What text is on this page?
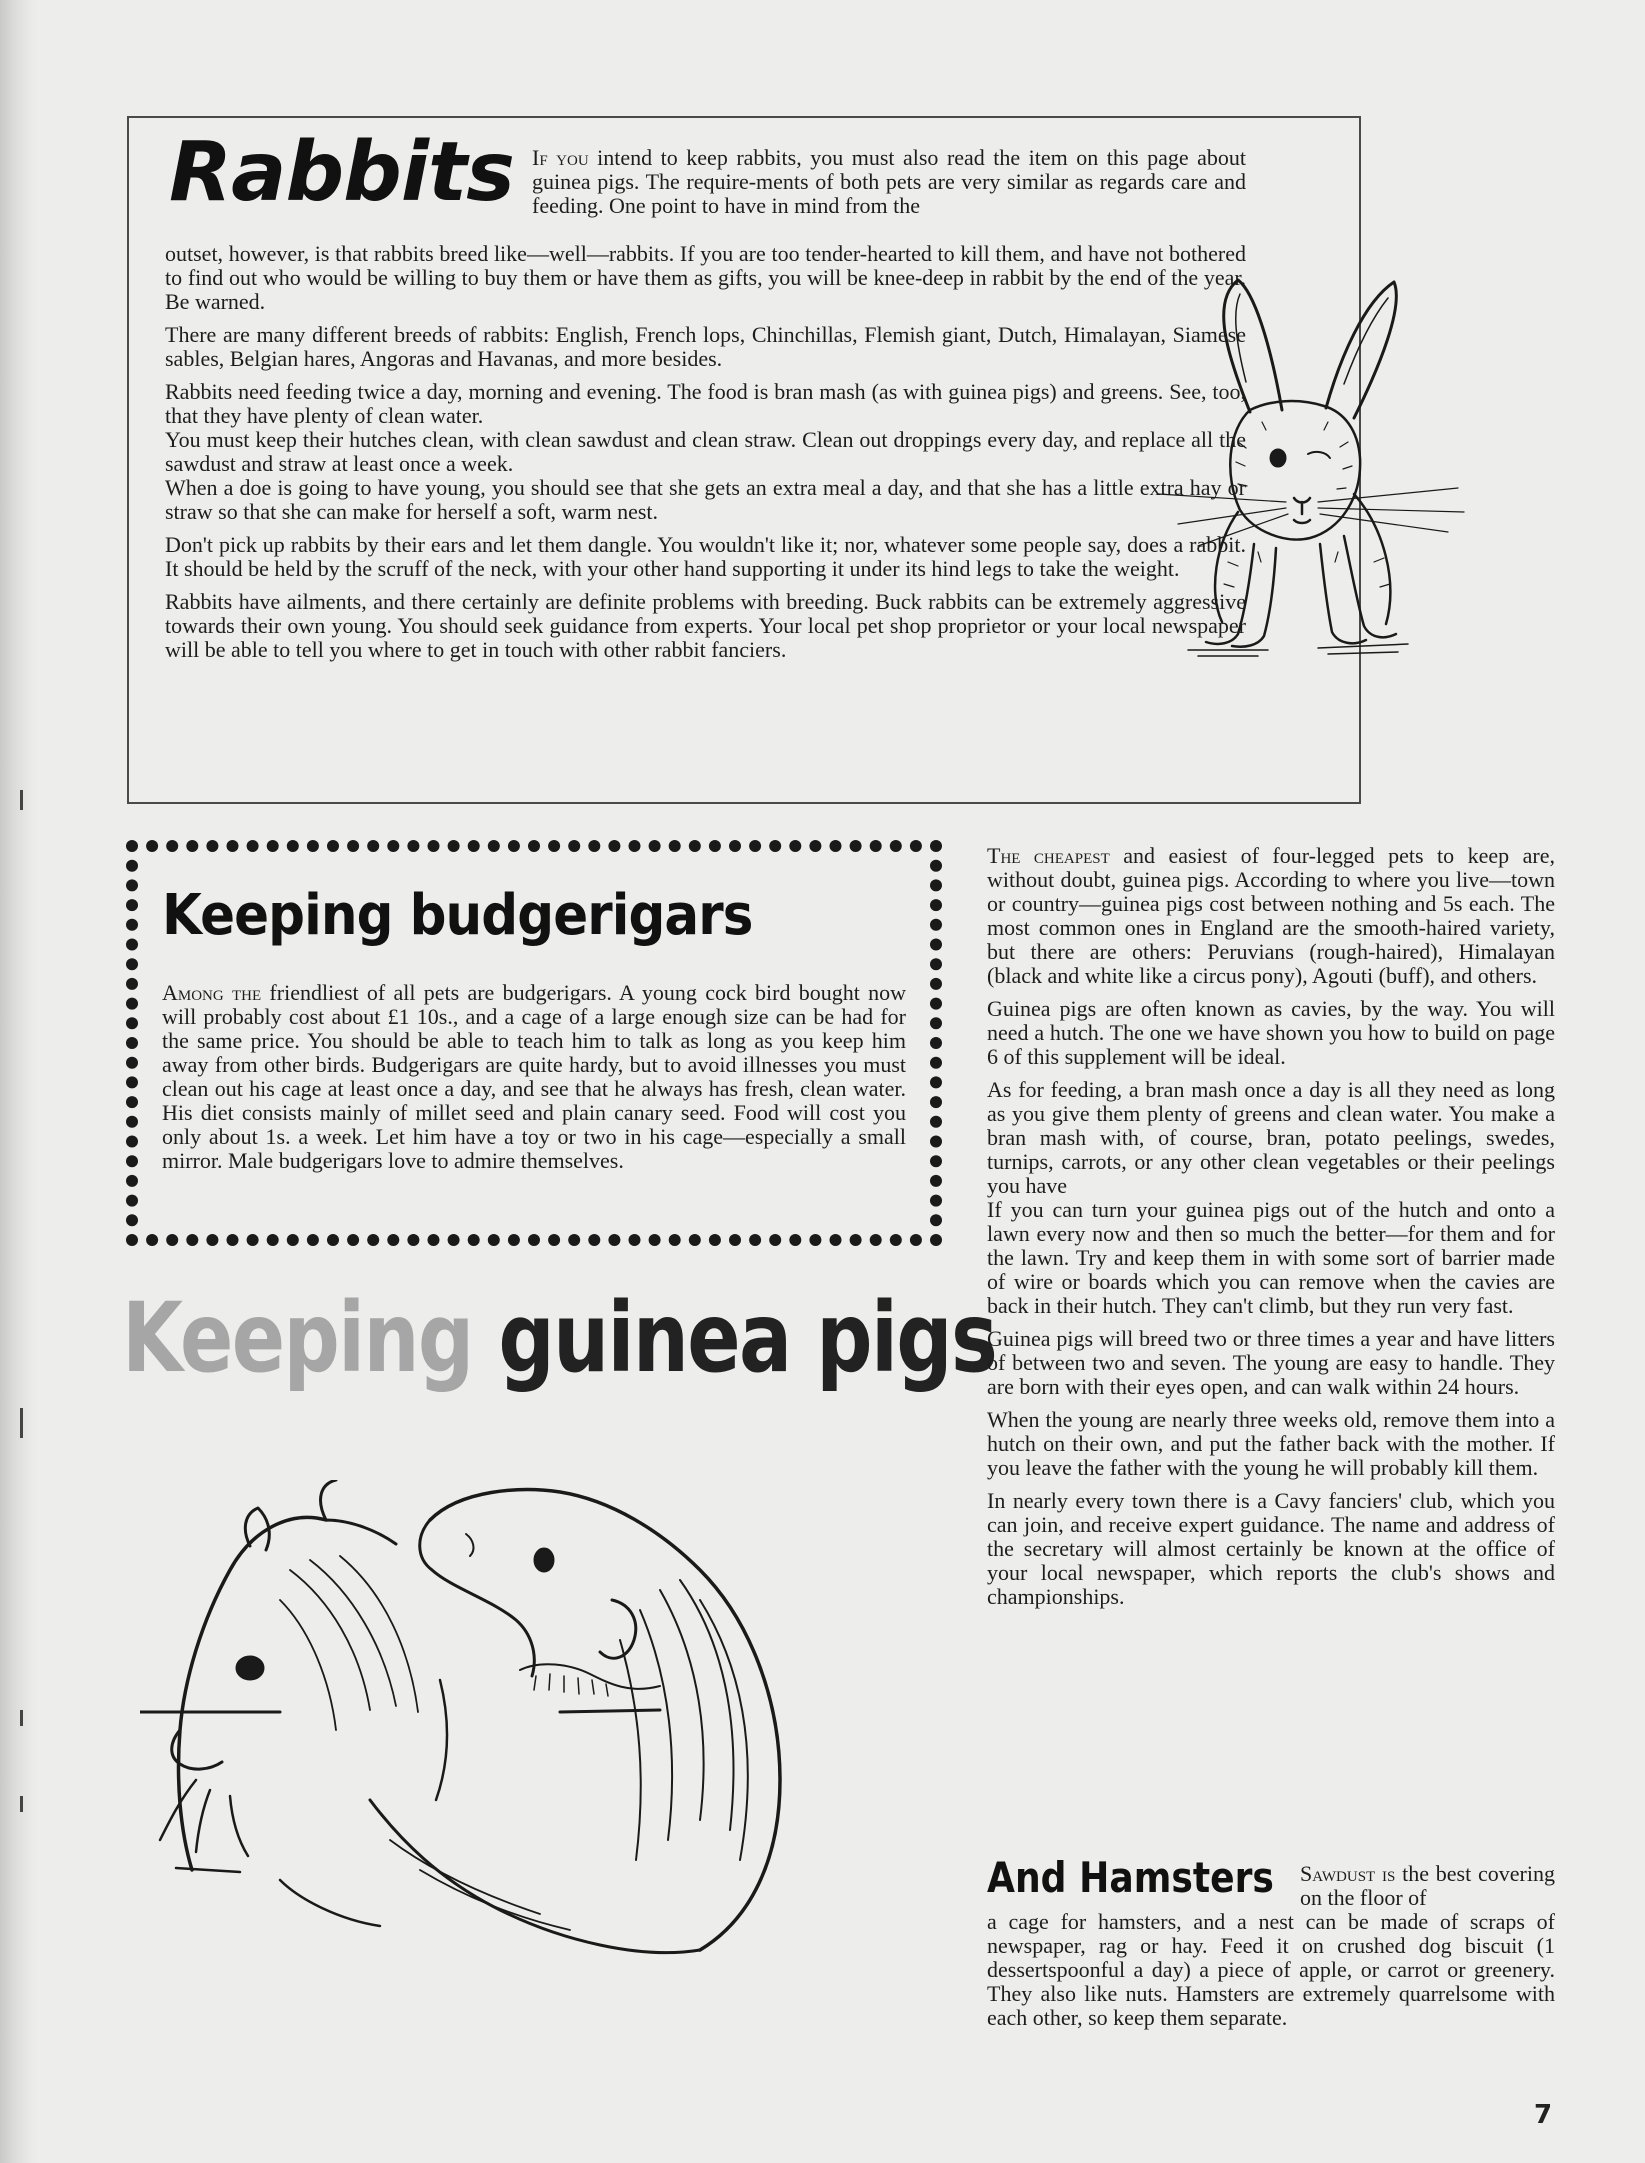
Rabbits If you intend to keep rabbits, you must also read the item on this page about guinea pigs. The require-ments of both pets are very similar as regards care and feeding. One point to have in mind from the

outset, however, is that rabbits breed like—well—rabbits. If you are too tender-hearted to kill them, and have not bothered to find out who would be willing to buy them or have them as gifts, you will be knee-deep in rabbit by the end of the year. Be warned.

There are many different breeds of rabbits: English, French lops, Chinchillas, Flemish giant, Dutch, Himalayan, Siamese sables, Belgian hares, Angoras and Havanas, and more besides.

Rabbits need feeding twice a day, morning and evening. The food is bran mash (as with guinea pigs) and greens. See, too, that they have plenty of clean water.

You must keep their hutches clean, with clean sawdust and clean straw. Clean out droppings every day, and replace all the sawdust and straw at least once a week.

When a doe is going to have young, you should see that she gets an extra meal a day, and that she has a little extra hay or straw so that she can make for herself a soft, warm nest.

Don't pick up rabbits by their ears and let them dangle. You wouldn't like it; nor, whatever some people say, does a rabbit. It should be held by the scruff of the neck, with your other hand supporting it under its hind legs to take the weight.

Rabbits have ailments, and there certainly are definite problems with breeding. Buck rabbits can be extremely aggressive towards their own young. You should seek guidance from experts. Your local pet shop proprietor or your local newspaper will be able to tell you where to get in touch with other rabbit fanciers.

Keeping budgerigars

Among the friendliest of all pets are budgerigars. A young cock bird bought now will probably cost about £1 10s., and a cage of a large enough size can be had for the same price. You should be able to teach him to talk as long as you keep him away from other birds. Budgerigars are quite hardy, but to avoid illnesses you must clean out his cage at least once a day, and see that he always has fresh, clean water. His diet consists mainly of millet seed and plain canary seed. Food will cost you only about 1s. a week. Let him have a toy or two in his cage—especially a small mirror. Male budgerigars love to admire themselves.

Keeping guinea pigs

The cheapest and easiest of four-legged pets to keep are, without doubt, guinea pigs. According to where you live—town or country—guinea pigs cost between nothing and 5s each. The most common ones in England are the smooth-haired variety, but there are others: Peruvians (rough-haired), Himalayan (black and white like a circus pony), Agouti (buff), and others.

Guinea pigs are often known as cavies, by the way. You will need a hutch. The one we have shown you how to build on page 6 of this supplement will be ideal.

As for feeding, a bran mash once a day is all they need as long as you give them plenty of greens and clean water. You make a bran mash with, of course, bran, potato peelings, swedes, turnips, carrots, or any other clean vegetables or their peelings you have

If you can turn your guinea pigs out of the hutch and onto a lawn every now and then so much the better—for them and for the lawn. Try and keep them in with some sort of barrier made of wire or boards which you can remove when the cavies are back in their hutch. They can't climb, but they run very fast.

Guinea pigs will breed two or three times a year and have litters of between two and seven. The young are easy to handle. They are born with their eyes open, and can walk within 24 hours.

When the young are nearly three weeks old, remove them into a hutch on their own, and put the father back with the mother. If you leave the father with the young he will probably kill them.

In nearly every town there is a Cavy fanciers' club, which you can join, and receive expert guidance. The name and address of the secretary will almost certainly be known at the office of your local newspaper, which reports the club's shows and championships.

And Hamsters Sawdust is the best covering on the floor of

a cage for hamsters, and a nest can be made of scraps of newspaper, rag or hay. Feed it on crushed dog biscuit (1 dessertspoonful a day) a piece of apple, or carrot or greenery. They also like nuts. Hamsters are extremely quarrelsome with each other, so keep them separate.

7
